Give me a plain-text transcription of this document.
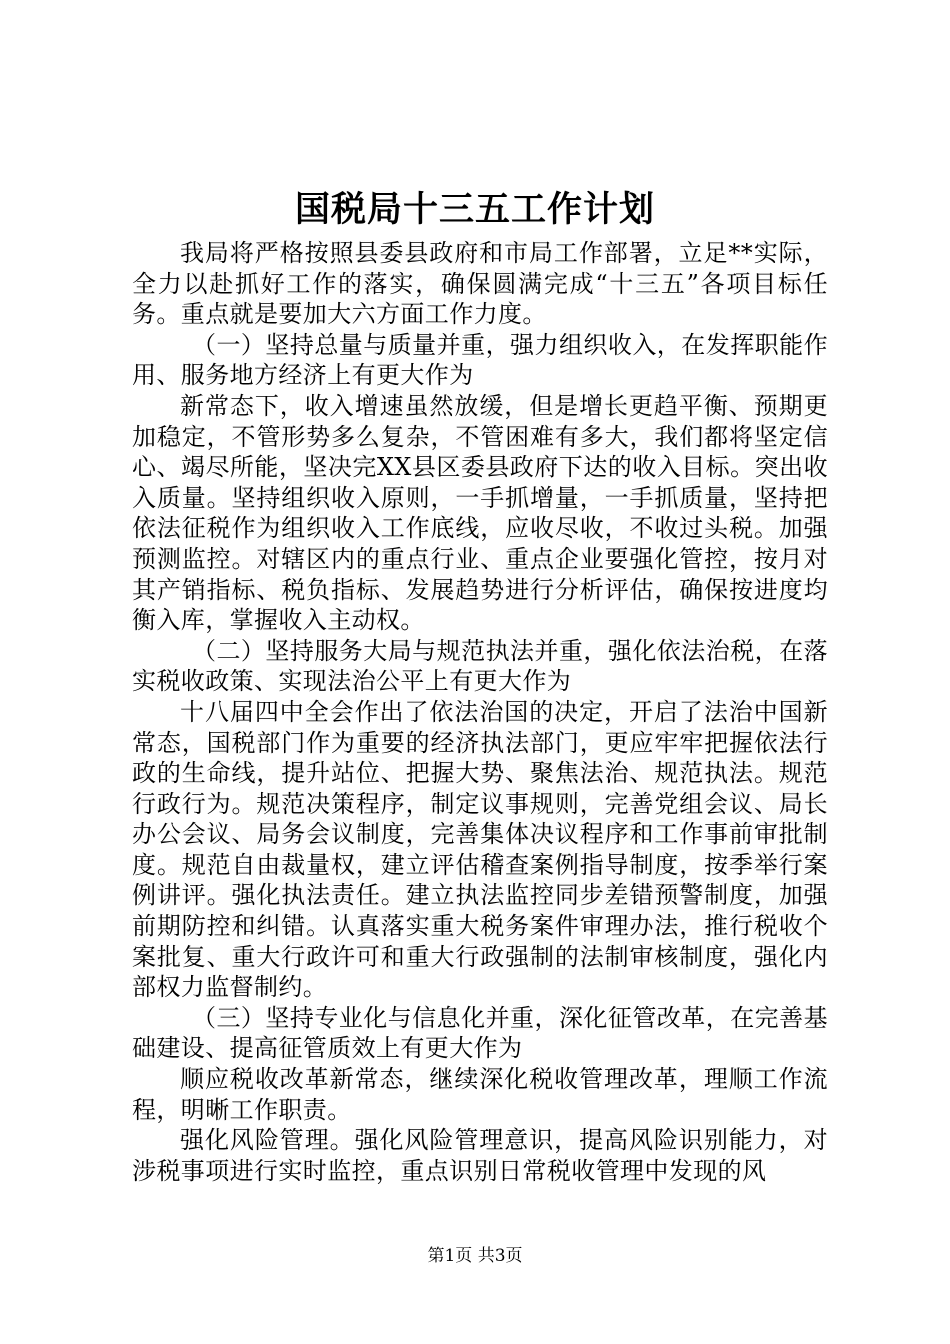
国税局十三五工作计划

我局将严格按照县委县政府和市局工作部署，立足**实际，全力以赴抓好工作的落实，确保圆满完成“十三五”各项目标任务。重点就是要加大六方面工作力度。

（一）坚持总量与质量并重，强力组织收入，在发挥职能作用、服务地方经济上有更大作为

新常态下，收入增速虽然放缓，但是增长更趋平衡、预期更加稳定，不管形势多么复杂，不管困难有多大，我们都将坚定信心、竭尽所能，坚决完XX县区委县政府下达的收入目标。突出收入质量。坚持组织收入原则，一手抓增量，一手抓质量，坚持把依法征税作为组织收入工作底线，应收尽收，不收过头税。加强预测监控。对辖区内的重点行业、重点企业要强化管控，按月对其产销指标、税负指标、发展趋势进行分析评估，确保按进度均衡入库，掌握收入主动权。

（二）坚持服务大局与规范执法并重，强化依法治税，在落实税收政策、实现法治公平上有更大作为

十八届四中全会作出了依法治国的决定，开启了法治中国新常态，国税部门作为重要的经济执法部门，更应牢牢把握依法行政的生命线，提升站位、把握大势、聚焦法治、规范执法。规范行政行为。规范决策程序，制定议事规则，完善党组会议、局长办公会议、局务会议制度，完善集体决议程序和工作事前审批制度。规范自由裁量权，建立评估稽查案例指导制度，按季举行案例讲评。强化执法责任。建立执法监控同步差错预警制度，加强前期防控和纠错。认真落实重大税务案件审理办法，推行税收个案批复、重大行政许可和重大行政强制的法制审核制度，强化内部权力监督制约。

（三）坚持专业化与信息化并重，深化征管改革，在完善基础建设、提高征管质效上有更大作为

顺应税收改革新常态，继续深化税收管理改革，理顺工作流程，明晰工作职责。

强化风险管理。强化风险管理意识，提高风险识别能力，对涉税事项进行实时监控，重点识别日常税收管理中发现的风

第1页 共3页
